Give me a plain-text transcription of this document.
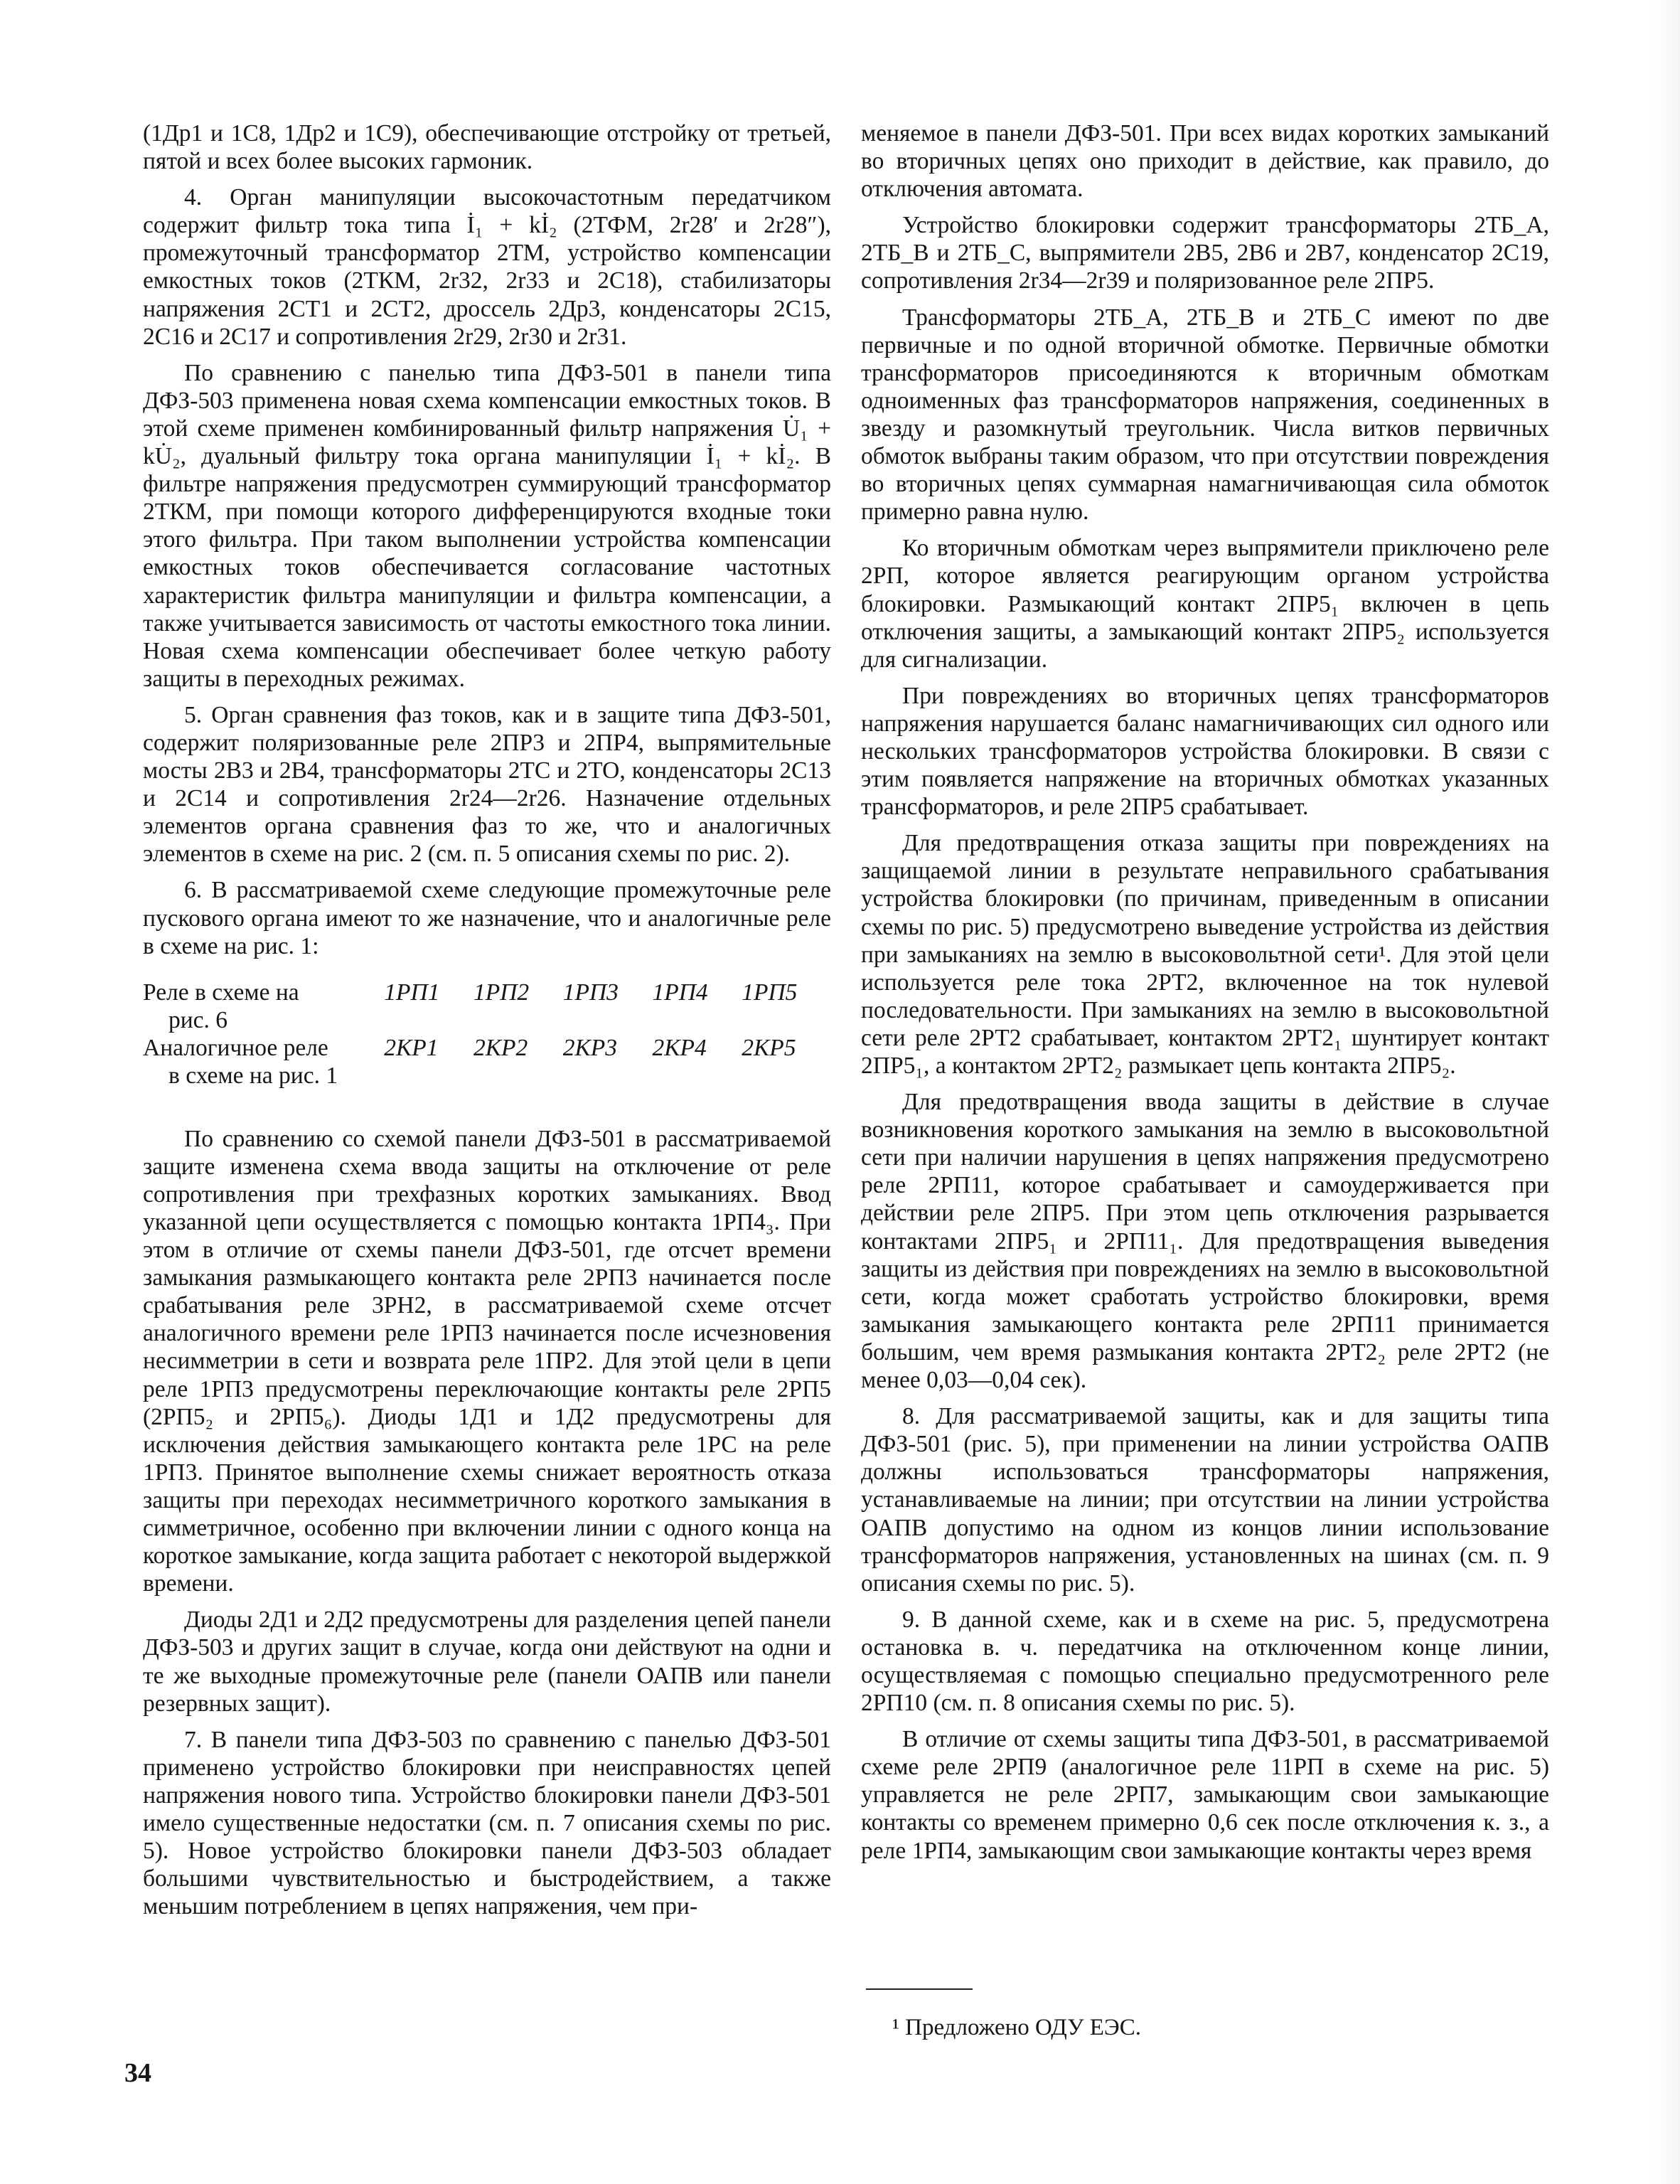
(1Др1 и 1С8, 1Др2 и 1С9), обеспечивающие отстройку от третьей, пятой и всех более высоких гармоник.

4. Орган манипуляции высокочастотным передатчиком содержит фильтр тока типа İ₁ + kİ₂ (2ТФМ, 2r28′ и 2r28″), промежуточный трансформатор 2ТМ, устройство компенсации емкостных токов (2ТКМ, 2r32, 2r33 и 2С18), стабилизаторы напряжения 2СТ1 и 2СТ2, дроссель 2Др3, конденсаторы 2С15, 2С16 и 2С17 и сопротивления 2r29, 2r30 и 2r31.

По сравнению с панелью типа ДФЗ-501 в панели типа ДФЗ-503 применена новая схема компенсации емкостных токов. В этой схеме применен комбинированный фильтр напряжения U̇₁ + kU̇₂, дуальный фильтру тока органа манипуляции İ₁ + kİ₂. В фильтре напряжения предусмотрен суммирующий трансформатор 2ТКМ, при помощи которого дифференцируются входные токи этого фильтра. При таком выполнении устройства компенсации емкостных токов обеспечивается согласование частотных характеристик фильтра манипуляции и фильтра компенсации, а также учитывается зависимость от частоты емкостного тока линии. Новая схема компенсации обеспечивает более четкую работу защиты в переходных режимах.

5. Орган сравнения фаз токов, как и в защите типа ДФЗ-501, содержит поляризованные реле 2ПР3 и 2ПР4, выпрямительные мосты 2В3 и 2В4, трансформаторы 2ТС и 2ТО, конденсаторы 2С13 и 2С14 и сопротивления 2r24—2r26. Назначение отдельных элементов органа сравнения фаз то же, что и аналогичных элементов в схеме на рис. 2 (см. п. 5 описания схемы по рис. 2).

6. В рассматриваемой схеме следующие промежуточные реле пускового органа имеют то же назначение, что и аналогичные реле в схеме на рис. 1:

Реле в схеме на	1РП1	1РП2	1РП3	1РП4	1РП5
рис. 6
Аналогичное реле	2КР1	2КР2	2КР3	2КР4	2КР5
в схеме на рис. 1

По сравнению со схемой панели ДФЗ-501 в рассматриваемой защите изменена схема ввода защиты на отключение от реле сопротивления при трехфазных коротких замыканиях. Ввод указанной цепи осуществляется с помощью контакта 1РП4₃. При этом в отличие от схемы панели ДФЗ-501, где отсчет времени замыкания размыкающего контакта реле 2РП3 начинается после срабатывания реле 3РН2, в рассматриваемой схеме отсчет аналогичного времени реле 1РП3 начинается после исчезновения несимметрии в сети и возврата реле 1ПР2. Для этой цели в цепи реле 1РП3 предусмотрены переключающие контакты реле 2РП5 (2РП5₂ и 2РП5₆). Диоды 1Д1 и 1Д2 предусмотрены для исключения действия замыкающего контакта реле 1РС на реле 1РП3. Принятое выполнение схемы снижает вероятность отказа защиты при переходах несимметричного короткого замыкания в симметричное, особенно при включении линии с одного конца на короткое замыкание, когда защита работает с некоторой выдержкой времени.

Диоды 2Д1 и 2Д2 предусмотрены для разделения цепей панели ДФЗ-503 и других защит в случае, когда они действуют на одни и те же выходные промежуточные реле (панели ОАПВ или панели резервных защит).

7. В панели типа ДФЗ-503 по сравнению с панелью ДФЗ-501 применено устройство блокировки при неисправностях цепей напряжения нового типа. Устройство блокировки панели ДФЗ-501 имело существенные недостатки (см. п. 7 описания схемы по рис. 5). Новое устройство блокировки панели ДФЗ-503 обладает большими чувствительностью и быстродействием, а также меньшим потреблением в цепях напряжения, чем при-

меняемое в панели ДФЗ-501. При всех видах коротких замыканий во вторичных цепях оно приходит в действие, как правило, до отключения автомата.

Устройство блокировки содержит трансформаторы 2ТБ_A, 2ТБ_B и 2ТБ_C, выпрямители 2В5, 2В6 и 2В7, конденсатор 2С19, сопротивления 2r34—2r39 и поляризованное реле 2ПР5.

Трансформаторы 2ТБ_A, 2ТБ_B и 2ТБ_C имеют по две первичные и по одной вторичной обмотке. Первичные обмотки трансформаторов присоединяются к вторичным обмоткам одноименных фаз трансформаторов напряжения, соединенных в звезду и разомкнутый треугольник. Числа витков первичных обмоток выбраны таким образом, что при отсутствии повреждения во вторичных цепях суммарная намагничивающая сила обмоток примерно равна нулю.

Ко вторичным обмоткам через выпрямители приключено реле 2РП, которое является реагирующим органом устройства блокировки. Размыкающий контакт 2ПР5₁ включен в цепь отключения защиты, а замыкающий контакт 2ПР5₂ используется для сигнализации.

При повреждениях во вторичных цепях трансформаторов напряжения нарушается баланс намагничивающих сил одного или нескольких трансформаторов устройства блокировки. В связи с этим появляется напряжение на вторичных обмотках указанных трансформаторов, и реле 2ПР5 срабатывает.

Для предотвращения отказа защиты при повреждениях на защищаемой линии в результате неправильного срабатывания устройства блокировки (по причинам, приведенным в описании схемы по рис. 5) предусмотрено выведение устройства из действия при замыканиях на землю в высоковольтной сети¹. Для этой цели используется реле тока 2РТ2, включенное на ток нулевой последовательности. При замыканиях на землю в высоковольтной сети реле 2РТ2 срабатывает, контактом 2РТ2₁ шунтирует контакт 2ПР5₁, а контактом 2РТ2₂ размыкает цепь контакта 2ПР5₂.

Для предотвращения ввода защиты в действие в случае возникновения короткого замыкания на землю в высоковольтной сети при наличии нарушения в цепях напряжения предусмотрено реле 2РП11, которое срабатывает и самоудерживается при действии реле 2ПР5. При этом цепь отключения разрывается контактами 2ПР5₁ и 2РП11₁. Для предотвращения выведения защиты из действия при повреждениях на землю в высоковольтной сети, когда может сработать устройство блокировки, время замыкания замыкающего контакта реле 2РП11 принимается большим, чем время размыкания контакта 2РТ2₂ реле 2РТ2 (не менее 0,03—0,04 сек).

8. Для рассматриваемой защиты, как и для защиты типа ДФЗ-501 (рис. 5), при применении на линии устройства ОАПВ должны использоваться трансформаторы напряжения, устанавливаемые на линии; при отсутствии на линии устройства ОАПВ допустимо на одном из концов линии использование трансформаторов напряжения, установленных на шинах (см. п. 9 описания схемы по рис. 5).

9. В данной схеме, как и в схеме на рис. 5, предусмотрена остановка в. ч. передатчика на отключенном конце линии, осуществляемая с помощью специально предусмотренного реле 2РП10 (см. п. 8 описания схемы по рис. 5).

В отличие от схемы защиты типа ДФЗ-501, в рассматриваемой схеме реле 2РП9 (аналогичное реле 11РП в схеме на рис. 5) управляется не реле 2РП7, замыкающим свои замыкающие контакты со временем примерно 0,6 сек после отключения к. з., а реле 1РП4, замыкающим свои замыкающие контакты через время

¹ Предложено ОДУ ЕЭС.
34
